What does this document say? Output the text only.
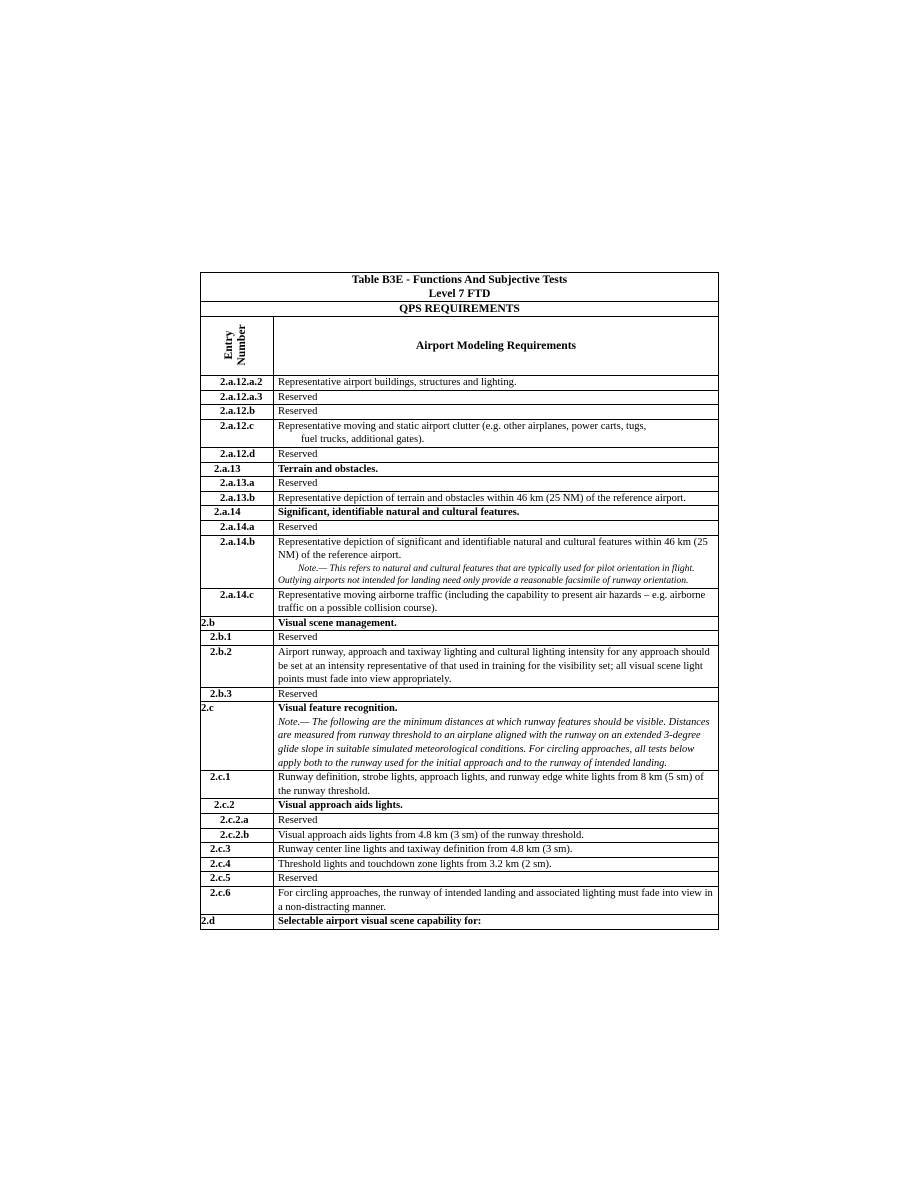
Table B3E - Functions And Subjective Tests
Level 7 FTD	

QPS REQUIREMENTS	

Entry Number	Airport Modeling Requirements
2.a.12.a.2	Representative airport buildings, structures and lighting.
2.a.12.a.3	Reserved
2.a.12.b	Reserved
2.a.12.c	Representative moving and static airport clutter (e.g. other airplanes, power carts, tugs,
fuel trucks, additional gates).

2.a.12.d	Reserved
2.a.13	Terrain and obstacles.
2.a.13.a	Reserved
2.a.13.b	Representative depiction of terrain and obstacles within 46 km (25 NM) of the reference airport.
2.a.14	Significant, identifiable natural and cultural features.
2.a.14.a	Reserved
2.a.14.b	Representative depiction of significant and identifiable natural and cultural features within 46 km (25 NM) of the reference airport.
Note.— This refers to natural and cultural features that are typically used for pilot orientation in flight. Outlying airports not intended for landing need only provide a reasonable facsimile of runway orientation.

2.a.14.c	Representative moving airborne traffic (including the capability to present air hazards – e.g. airborne traffic on a possible collision course).
2.b	Visual scene management.
2.b.1	Reserved
2.b.2	Airport runway, approach and taxiway lighting and cultural lighting intensity for any approach should be set at an intensity representative of that used in training for the visibility set; all visual scene light points must fade into view appropriately.
2.b.3	Reserved
2.c	Visual feature recognition.
Note.— The following are the minimum distances at which runway features should be visible. Distances are measured from runway threshold to an airplane aligned with the runway on an extended 3-degree glide slope in suitable simulated meteorological conditions. For circling approaches, all tests below apply both to the runway used for the initial approach and to the runway of intended landing.

2.c.1	Runway definition, strobe lights, approach lights, and runway edge white lights from 8 km (5 sm) of the runway threshold.
2.c.2	Visual approach aids lights.
2.c.2.a	Reserved
2.c.2.b	Visual approach aids lights from 4.8 km (3 sm) of the runway threshold.
2.c.3	Runway center line lights and taxiway definition from 4.8 km (3 sm).
2.c.4	Threshold lights and touchdown zone lights from 3.2 km (2 sm).
2.c.5	Reserved
2.c.6	For circling approaches, the runway of intended landing and associated lighting must fade into view in a non-distracting manner.
2.d	Selectable airport visual scene capability for:
